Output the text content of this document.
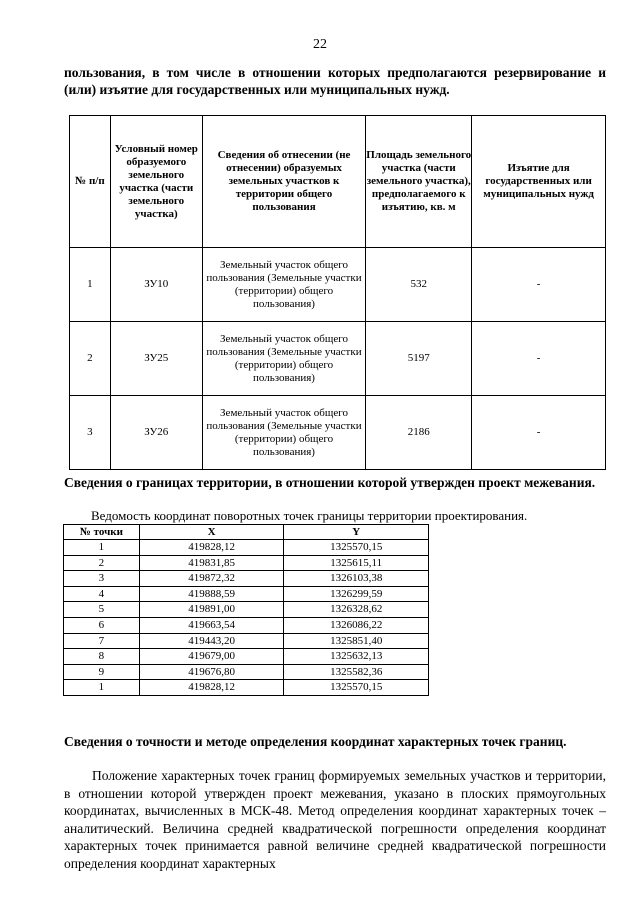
22
пользования, в том числе в отношении которых предполагаются резервирование и (или) изъятие для государственных или муниципальных нужд.
№ п/п	Условный номер образуемого земельного участка (части земельного участка)	Сведения об отнесении (не отнесении) образуемых земельных участков к территории общего пользования	Площадь земельного участка (части земельного участка), предполагаемого к изъятию, кв. м	Изъятие для государственных или муниципальных нужд
1	ЗУ10	Земельный участок общего пользования (Земельные участки (территории) общего пользования)	532	-
2	ЗУ25	Земельный участок общего пользования (Земельные участки (территории) общего пользования)	5197	-
3	ЗУ26	Земельный участок общего пользования (Земельные участки (территории) общего пользования)	2186	-
Сведения о границах территории, в отношении которой утвержден проект межевания.
Ведомость координат поворотных точек границы территории проектирования.
№ точки	X	Y
1	419828,12	1325570,15
2	419831,85	1325615,11
3	419872,32	1326103,38
4	419888,59	1326299,59
5	419891,00	1326328,62
6	419663,54	1326086,22
7	419443,20	1325851,40
8	419679,00	1325632,13
9	419676,80	1325582,36
1	419828,12	1325570,15
Сведения о точности и методе определения координат характерных точек границ.
Положение характерных точек границ формируемых земельных участков и территории, в отношении которой утвержден проект межевания, указано в плоских прямоугольных координатах, вычисленных в МСК-48. Метод определения координат характерных точек – аналитический. Величина средней квадратической погрешности определения координат характерных точек принимается равной величине средней квадратической погрешности определения координат характерных
